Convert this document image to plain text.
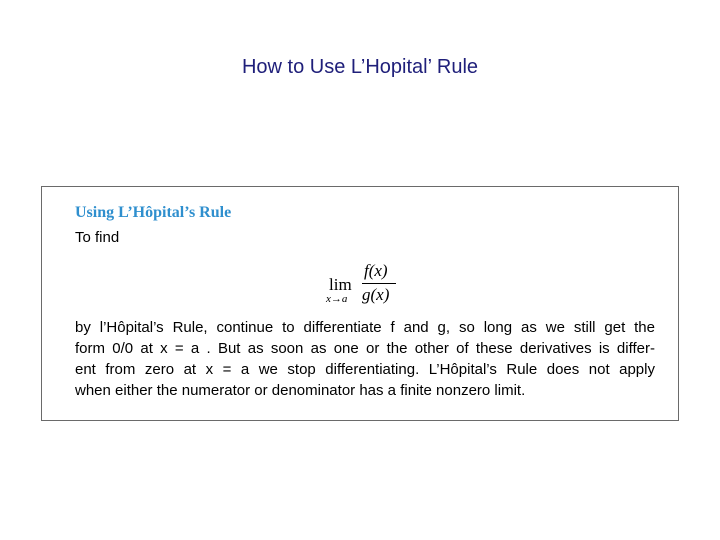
How to Use L’Hopital’ Rule
Using L’Hôpital’s Rule
To find
lim
x→a
f(x)
g(x)
by l’Hôpital’s Rule, continue to differentiate f and g, so long as we still get the
form 0/0 at x = a . But as soon as one or the other of these derivatives is differ-
ent from zero at x = a we stop differentiating. L’Hôpital’s Rule does not apply
when either the numerator or denominator has a finite nonzero limit.
